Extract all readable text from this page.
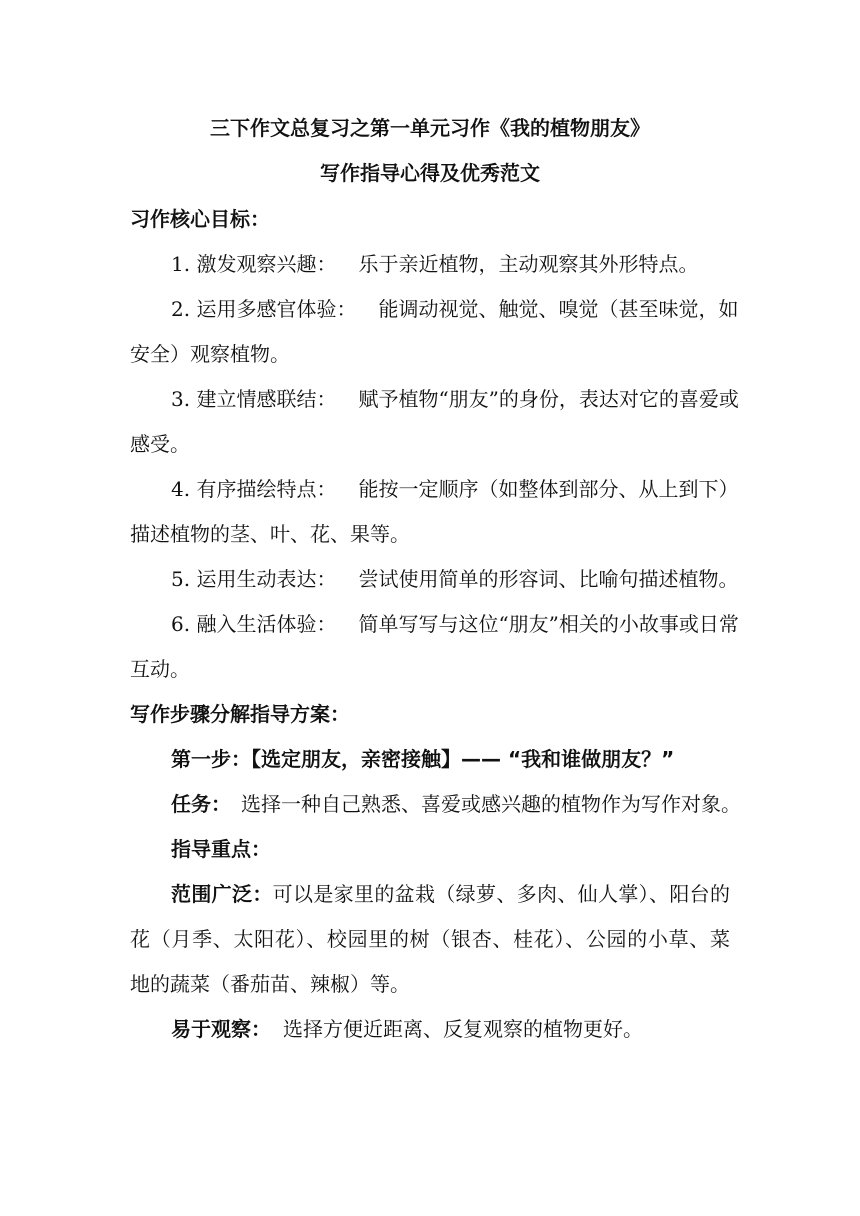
三下作文总复习之第一单元习作《我的植物朋友》
写作指导心得及优秀范文
习作核心目标：
1. 激发观察兴趣： 乐于亲近植物，主动观察其外形特点。
2. 运用多感官体验： 能调动视觉、触觉、嗅觉（甚至味觉，如
安全）观察植物。
3. 建立情感联结： 赋予植物“朋友”的身份，表达对它的喜爱或
感受。
4. 有序描绘特点： 能按一定顺序（如整体到部分、从上到下）
描述植物的茎、叶、花、果等。
5. 运用生动表达： 尝试使用简单的形容词、比喻句描述植物。
6. 融入生活体验： 简单写写与这位“朋友”相关的小故事或日常
互动。
写作步骤分解指导方案：
第一步：【选定朋友，亲密接触】—— “我和谁做朋友？”
任务： 选择一种自己熟悉、喜爱或感兴趣的植物作为写作对象。
指导重点：
范围广泛：可以是家里的盆栽（绿萝、多肉、仙人掌）、阳台的
花（月季、太阳花）、校园里的树（银杏、桂花）、公园的小草、菜
地的蔬菜（番茄苗、辣椒）等。
易于观察： 选择方便近距离、反复观察的植物更好。
